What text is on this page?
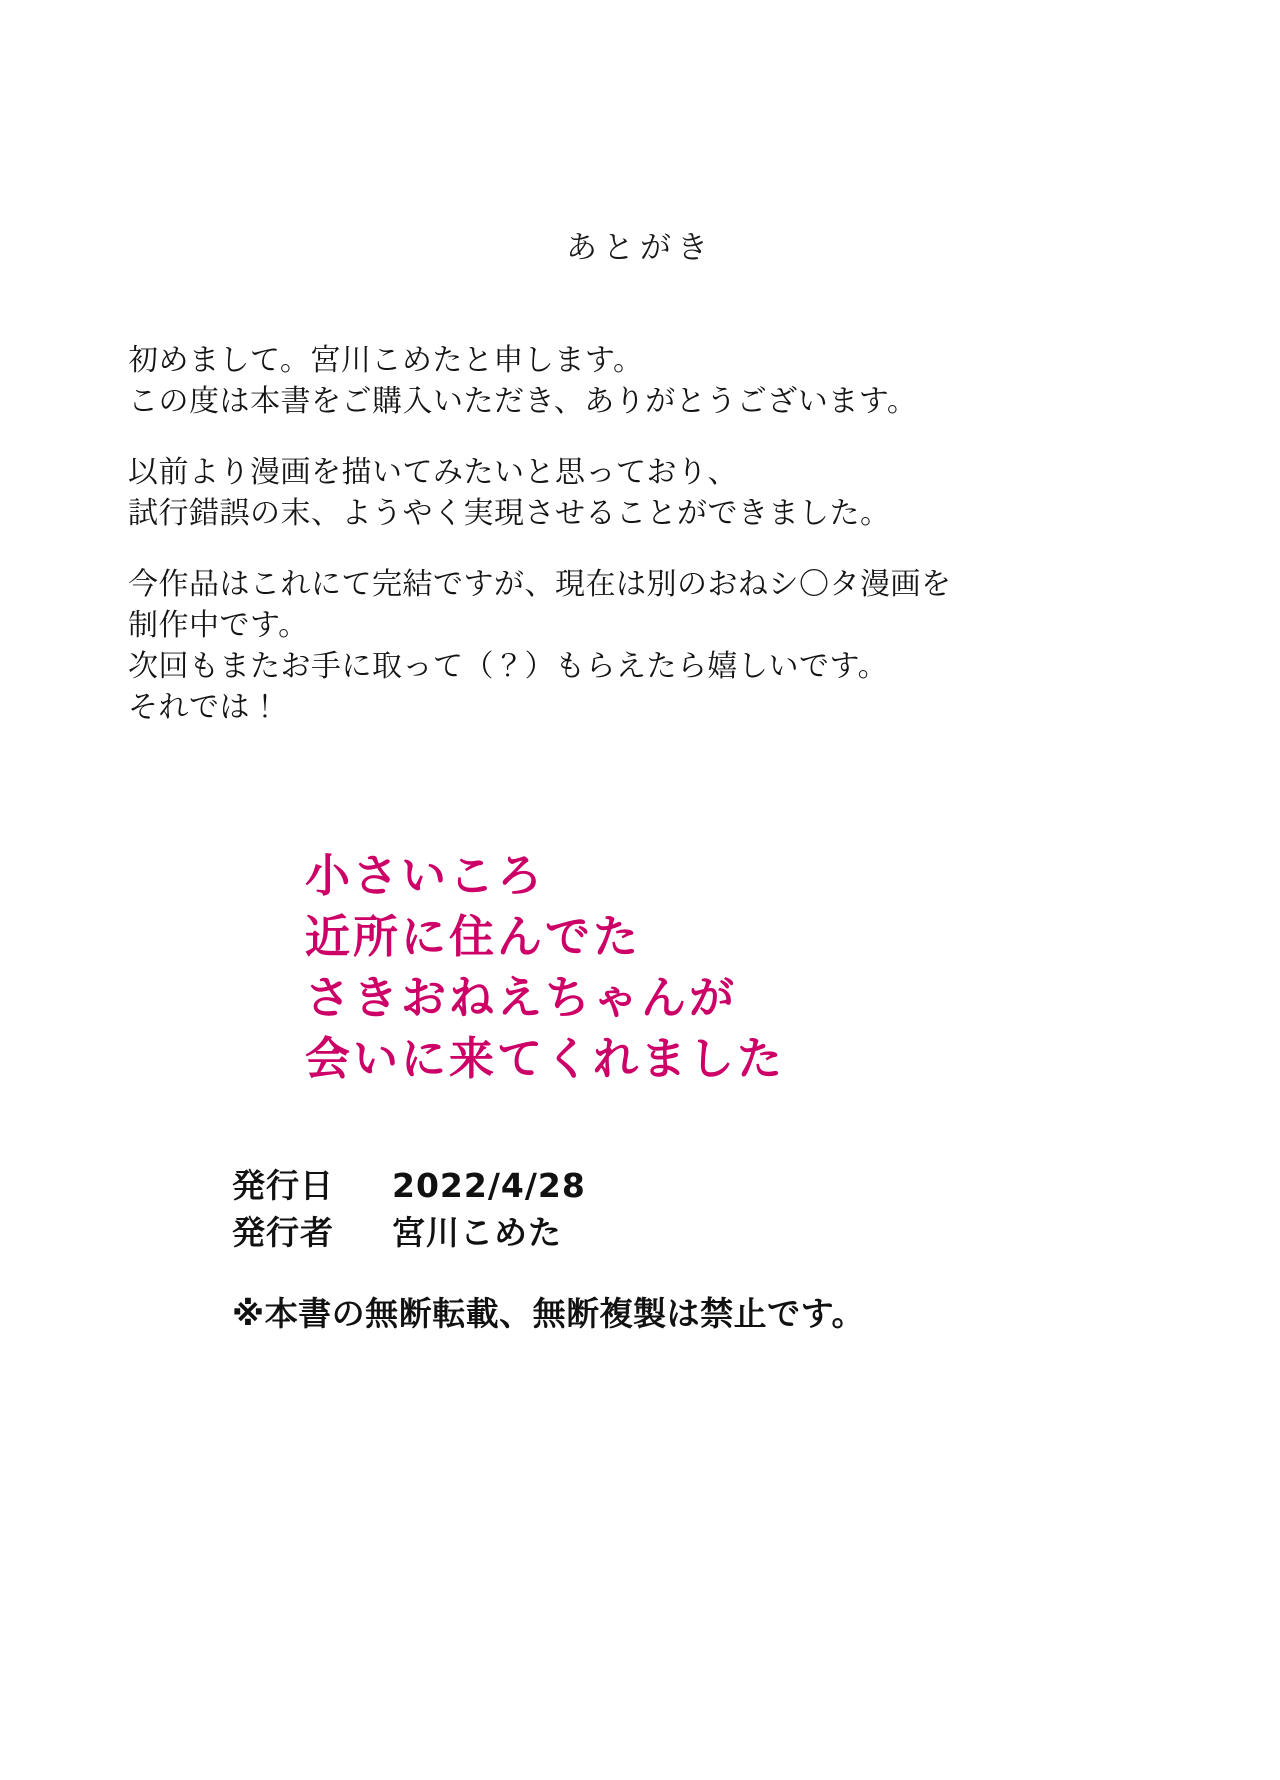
あとがき
初めまして。宮川こめたと申します。
この度は本書をご購入いただき、ありがとうございます。
以前より漫画を描いてみたいと思っており、
試行錯誤の末、ようやく実現させることができました。
今作品はこれにて完結ですが、現在は別のおねシ〇タ漫画を
制作中です。
次回もまたお手に取って（？）もらえたら嬉しいです。
それでは！
小さいころ
近所に住んでた
さきおねえちゃんが
会いに来てくれました
発行日	2022/4/28
発行者	宮川こめた
※本書の無断転載、無断複製は禁止です。
